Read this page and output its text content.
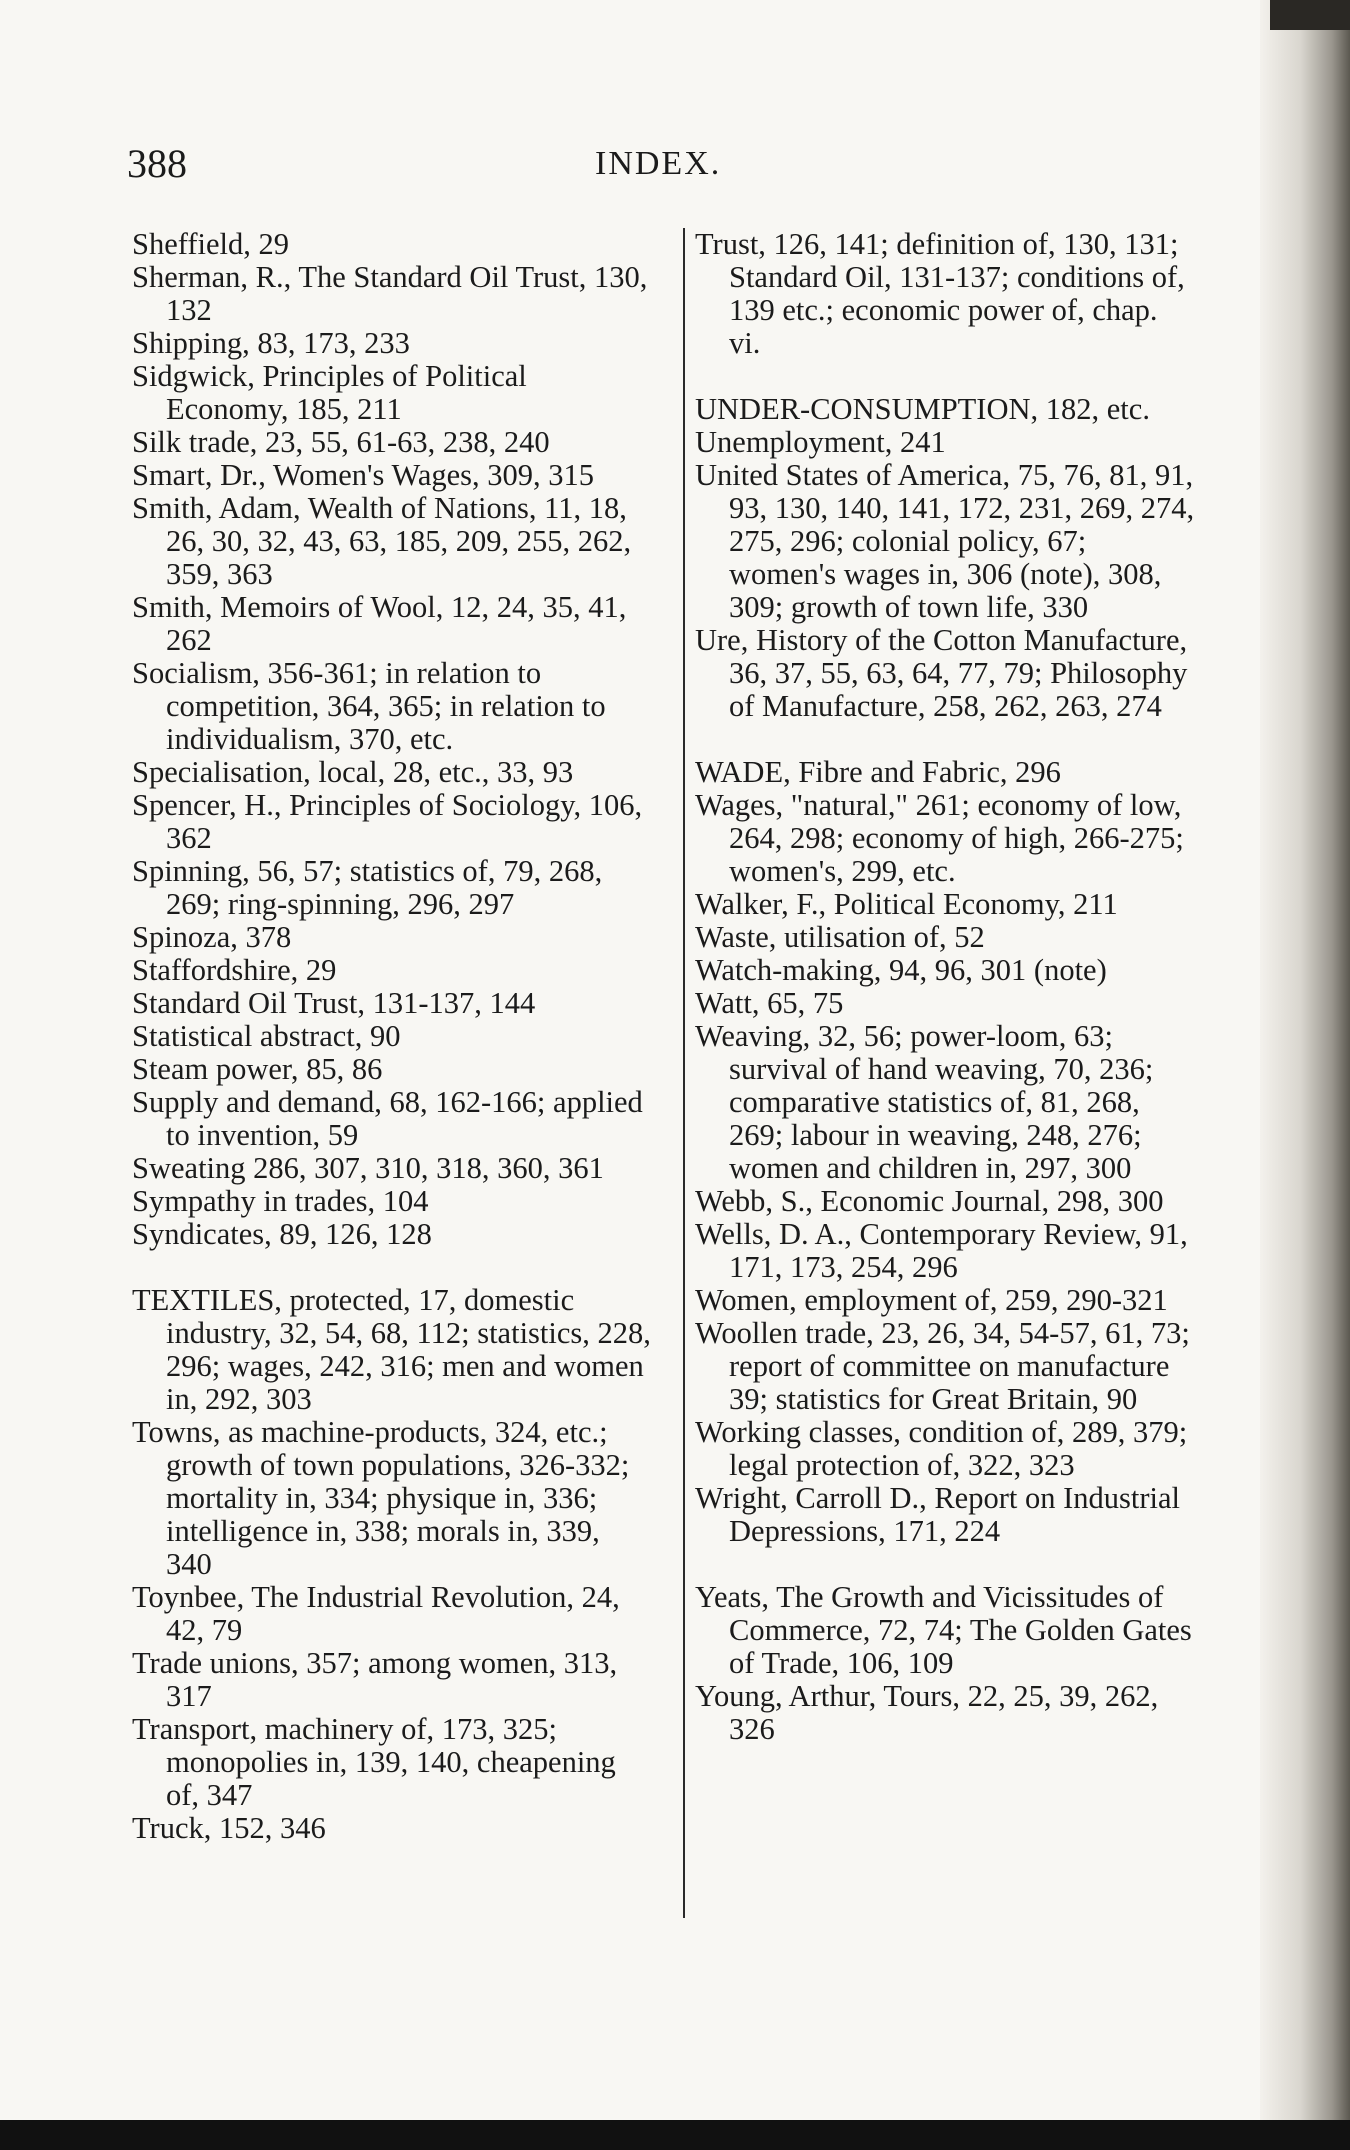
388	INDEX.

Sheffield, 29

Sherman, R., The Standard Oil Trust, 130, 132

Shipping, 83, 173, 233

Sidgwick, Principles of Political Economy, 185, 211

Silk trade, 23, 55, 61-63, 238, 240

Smart, Dr., Women's Wages, 309, 315

Smith, Adam, Wealth of Nations, 11, 18, 26, 30, 32, 43, 63, 185, 209, 255, 262, 359, 363

Smith, Memoirs of Wool, 12, 24, 35, 41, 262

Socialism, 356-361; in relation to competition, 364, 365; in relation to individualism, 370, etc.

Specialisation, local, 28, etc., 33, 93

Spencer, H., Principles of Sociology, 106, 362

Spinning, 56, 57; statistics of, 79, 268, 269; ring-spinning, 296, 297

Spinoza, 378

Staffordshire, 29

Standard Oil Trust, 131-137, 144

Statistical abstract, 90

Steam power, 85, 86

Supply and demand, 68, 162-166; applied to invention, 59

Sweating 286, 307, 310, 318, 360, 361

Sympathy in trades, 104

Syndicates, 89, 126, 128

TEXTILES, protected, 17, domestic industry, 32, 54, 68, 112; statistics, 228, 296; wages, 242, 316; men and women in, 292, 303

Towns, as machine-products, 324, etc.; growth of town populations, 326-332; mortality in, 334; physique in, 336; intelligence in, 338; morals in, 339, 340

Toynbee, The Industrial Revolution, 24, 42, 79

Trade unions, 357; among women, 313, 317

Transport, machinery of, 173, 325; monopolies in, 139, 140, cheapening of, 347

Truck, 152, 346

Trust, 126, 141; definition of, 130, 131; Standard Oil, 131-137; conditions of, 139 etc.; economic power of, chap. vi.

UNDER-CONSUMPTION, 182, etc.

Unemployment, 241

United States of America, 75, 76, 81, 91, 93, 130, 140, 141, 172, 231, 269, 274, 275, 296; colonial policy, 67; women's wages in, 306 (note), 308, 309; growth of town life, 330

Ure, History of the Cotton Manufacture, 36, 37, 55, 63, 64, 77, 79; Philosophy of Manufacture, 258, 262, 263, 274

WADE, Fibre and Fabric, 296

Wages, "natural," 261; economy of low, 264, 298; economy of high, 266-275; women's, 299, etc.

Walker, F., Political Economy, 211

Waste, utilisation of, 52

Watch-making, 94, 96, 301 (note)

Watt, 65, 75

Weaving, 32, 56; power-loom, 63; survival of hand weaving, 70, 236; comparative statistics of, 81, 268, 269; labour in weaving, 248, 276; women and children in, 297, 300

Webb, S., Economic Journal, 298, 300

Wells, D. A., Contemporary Review, 91, 171, 173, 254, 296

Women, employment of, 259, 290-321

Woollen trade, 23, 26, 34, 54-57, 61, 73; report of committee on manufacture 39; statistics for Great Britain, 90

Working classes, condition of, 289, 379; legal protection of, 322, 323

Wright, Carroll D., Report on Industrial Depressions, 171, 224

Yeats, The Growth and Vicissitudes of Commerce, 72, 74; The Golden Gates of Trade, 106, 109

Young, Arthur, Tours, 22, 25, 39, 262, 326
